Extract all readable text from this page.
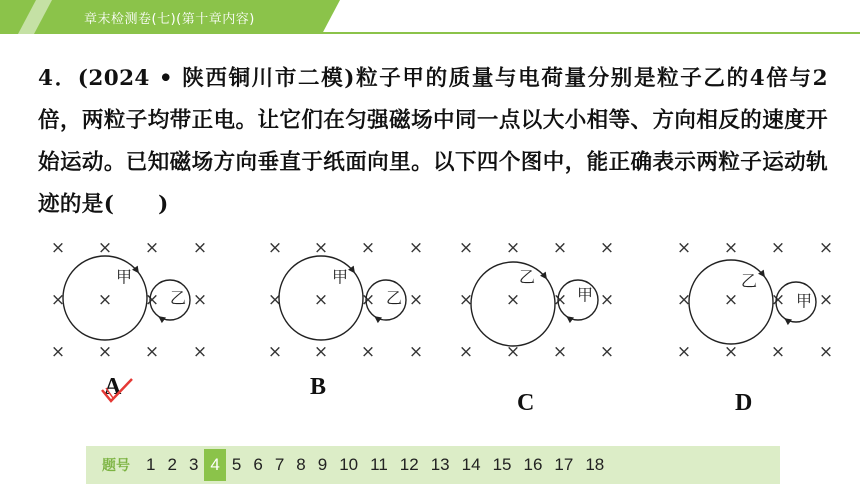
章末检测卷(七)(第十章内容)
4．(2024 • 陕西铜川市二模)粒子甲的质量与电荷量分别是粒子乙的4倍与2倍，两粒子均带正电。让它们在匀强磁场中同一点以大小相等、方向相反的速度开始运动。已知磁场方向垂直于纸面向里。以下四个图中，能正确表示两粒子运动轨迹的是(　　)
× × × ×
× × × ×
× × × ×
甲
乙
× × × ×
× × × ×
× × × ×
甲
乙
× × × ×
× × × ×
× × × ×
乙
甲
× × × ×
× × × ×
× × × ×
乙
甲
A	B
C	D
题号 1 2 3 4 5 6 7 8 9 10 11 12 13 14 15 16 17 18
